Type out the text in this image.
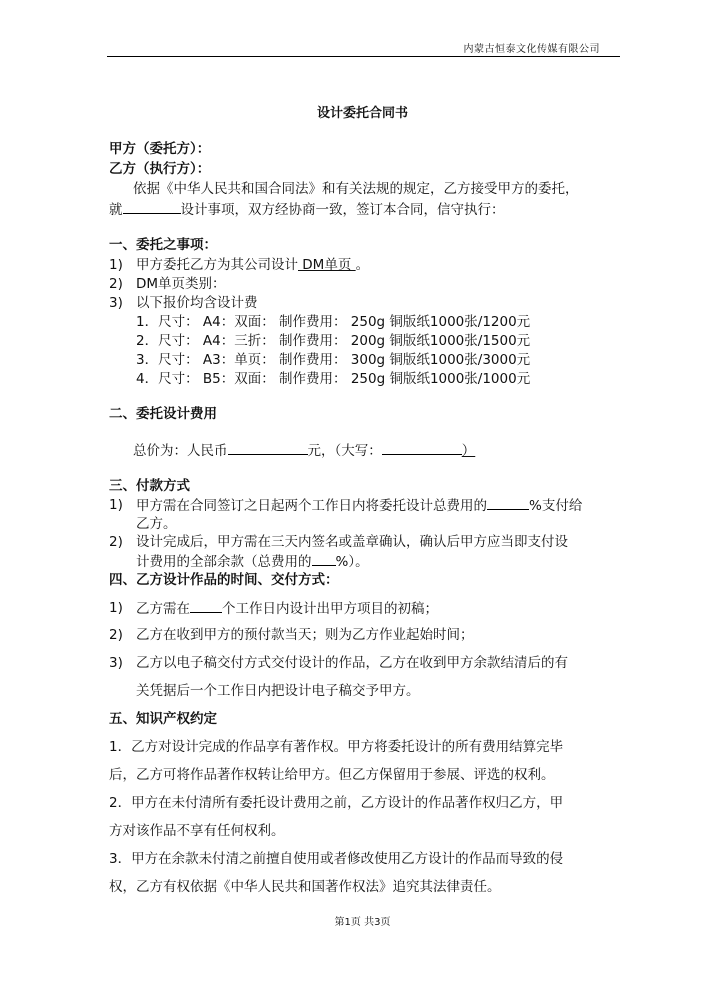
内蒙古恒泰文化传媒有限公司
设计委托合同书
甲方（委托方）：
乙方（执行方）：
依据《中华人民共和国合同法》和有关法规的规定，乙方接受甲方的委托，
就	设计事项，双方经协商一致，签订本合同，信守执行：
一、委托之事项：
1) 甲方委托乙方为其公司设计 DM单页 。
2) DM单页类别：
3) 以下报价均含设计费
1．尺寸： A4：双面： 制作费用： 250g 铜版纸1000张/1200元
2．尺寸： A4：三折： 制作费用： 200g 铜版纸1000张/1500元
3．尺寸： A3：单页： 制作费用： 300g 铜版纸1000张/3000元
4．尺寸： B5：双面： 制作费用： 250g 铜版纸1000张/1000元
二、委托设计费用
总价为：人民币	元，（大写：	）
三、付款方式
1) 甲方需在合同签订之日起两个工作日内将委托设计总费用的	%支付给
乙方。
2) 设计完成后，甲方需在三天内签名或盖章确认，确认后甲方应当即支付设
计费用的全部余款（总费用的 %）。
四、乙方设计作品的时间、交付方式：
1) 乙方需在 个工作日内设计出甲方项目的初稿；
2) 乙方在收到甲方的预付款当天；则为乙方作业起始时间；
3) 乙方以电子稿交付方式交付设计的作品，乙方在收到甲方余款结清后的有
关凭据后一个工作日内把设计电子稿交予甲方。
五、知识产权约定
1．乙方对设计完成的作品享有著作权。甲方将委托设计的所有费用结算完毕
后，乙方可将作品著作权转让给甲方。但乙方保留用于参展、评选的权利。
2．甲方在未付清所有委托设计费用之前，乙方设计的作品著作权归乙方，甲
方对该作品不享有任何权利。
3．甲方在余款未付清之前擅自使用或者修改使用乙方设计的作品而导致的侵
权，乙方有权依据《中华人民共和国著作权法》追究其法律责任。
第1页 共3页
